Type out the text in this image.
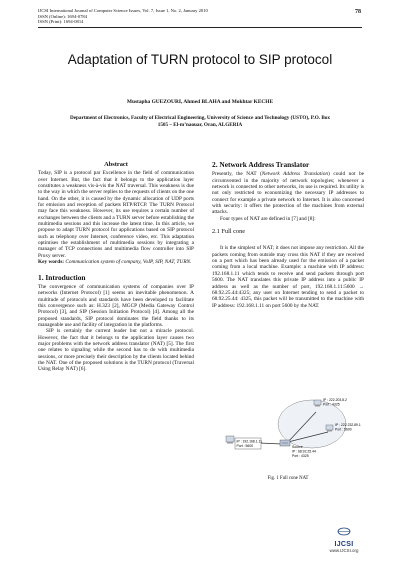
IJCSI International Journal of Computer Science Issues, Vol. 7, Issue 1, No. 2, January 2010
ISSN (Online): 1694-0784
ISSN (Print): 1694-0814
78
Adaptation of TURN protocol to SIP protocol
Mustapha GUEZOURI, Ahmed BLAHA and Mokhtar KECHE
Department of Electronics, Faculty of Electrical Engineering, University of Science and Technology (USTO), P.O. Box 1505 – El-m’naouar, Oran, ALGERIA
Abstract

Today, SIP is a protocol par Excellence in the field of communication over Internet. But, the fact that it belongs to the application layer constitutes a weakness vis-à-vis the NAT traversal. This weakness is due to the way in which the server replies to the requests of clients on the one hand. On the other, it is caused by the dynamic allocation of UDP ports for emission and reception of packets RTP/RTCP. The TURN Protocol may face this weakness. However, its use requires a certain number of exchanges between the clients and a TURN server before establishing the multimedia sessions and this increase the latent time. In this article, we propose to adapt TURN protocol for applications based on SIP protocol such as telephony over Internet, conference video, etc. This adaptation optimises the establishment of multimedia sessions by integrating a manager of TCP connections and multimedia flow controller into SIP Proxy server.

Key words: Communication system of company, VoIP, SIP, NAT, TURN.

1. Introduction

The convergence of communication systems of companies over IP networks (Internet Protocol) [1] seems an inevitable phenomenon. A multitude of protocols and standards have been developed to facilitate this convergence such as: H.323 [2], MGCP (Media Gateway Control Protocol) [3], and SIP (Session Initiation Protocol) [4]. Among all the proposed standards, SIP protocol dominates the field thanks to its manageable use and facility of integration in the platforms.

SIP is certainly the current leader but not a miracle protocol. However, the fact that it belongs to the application layer causes two major problems with the network address translator (NAT) [5]. The first one relates to signaling while the second has to do with multimedia sessions, or more precisely their description by the clients located behind the NAT. One of the proposed solutions is the TURN protocol (Traversal Using Relay NAT) [6].

2. Network Address Translator

Presently, the NAT (Network Address Translation) could not be circumvented in the majority of network topologies; whenever a network is connected to other networks, its use is required. Its utility is not only restricted to economizing the necessary IP addresses to connect for example a private network to Internet. It is also concerned with security: it offers the protection of the machines from external attacks.

Four types of NAT are defined in [7] and [8]:

2.1 Full cone

It is the simplest of NAT; it does not impose any restriction. All the packets coming from outside may cross this NAT if they are received on a port which has been already used for the emission of a packet coming from a local machine. Example: a machine with IP address: 192.168.1.11 which tends to receive and send packets through port 5600. The NAT translates this private IP address into a public IP address as well as the number of port, 192.168.1.11:5600 → 68.92.25.44:4325; any user on Internet tending to send a packet to 68.92.25.44: 4325, this packet will be transmitted to the machine with IP address: 192.168.1.11 on port 5600 by the NAT.

IP : 222.203.8.2
Port : 4325
IP : 222.232.89.1
Port : 5600
IP : 192.168.1.11
Port : 5600	Source
IP : 68.92.25.44
Port : 4325
Fig. 1 Full cone NAT
IJCSI
www.IJCSI.org
